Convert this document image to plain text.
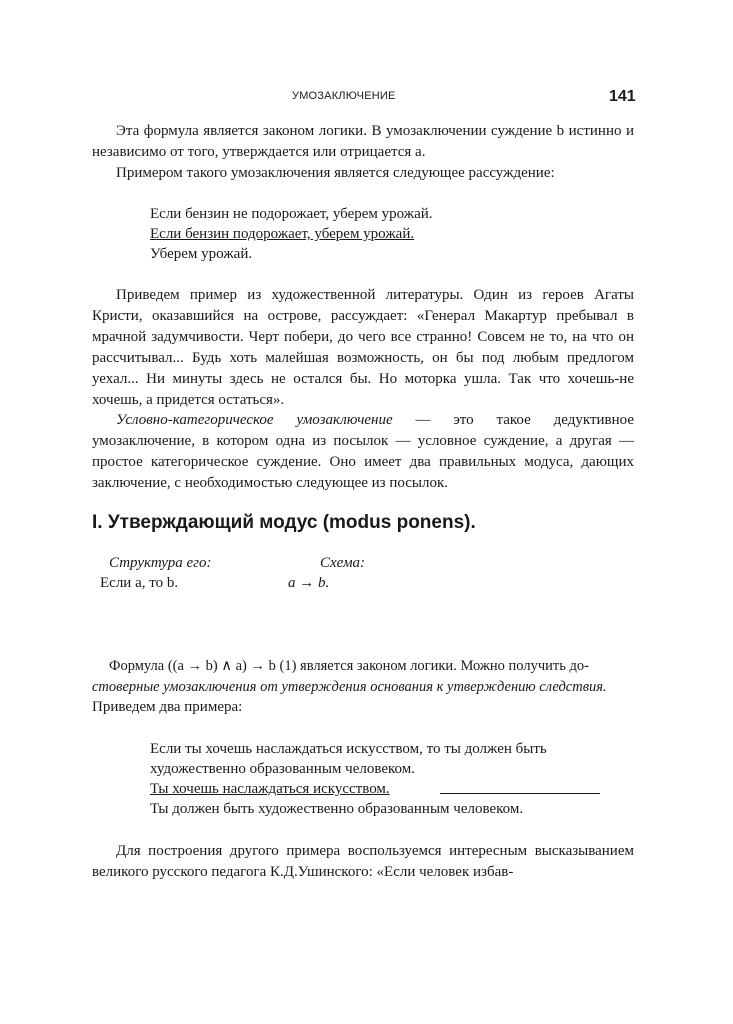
УМОЗАКЛЮЧЕНИЕ	141

Эта формула является законом логики. В умозаключении суждение b истинно и независимо от того, утверждается или отрицается a.

Примером такого умозаключения является следующее рассуждение:

Если бензин не подорожает, уберем урожай.

Если бензин подорожает, уберем урожай.

Уберем урожай.

Приведем пример из художественной литературы. Один из героев Агаты Кристи, оказавшийся на острове, рассуждает: «Генерал Макартур пребывал в мрачной задумчивости. Черт побери, до чего все странно! Совсем не то, на что он рассчитывал... Будь хоть малейшая возможность, он бы под любым предлогом уехал... Ни минуты здесь не остался бы. Но моторка ушла. Так что хочешь-не хочешь, а придется остаться».

Условно-категорическое умозаключение — это такое дедуктивное умозаключение, в котором одна из посылок — условное суждение, а другая — простое категорическое суждение. Оно имеет два правильных модуса, дающих заключение, с необходимостью следующее из посылок.

I. Утверждающий модус (modus ponens).

Структура его:	Схема:

Если a, то b.	a → b.

Формула ((a → b) ∧ a) → b (1) является законом логики. Можно получить до-

стоверные умозаключения от утверждения основания к утверждению следствия.

Приведем два примера:

Если ты хочешь наслаждаться искусством, то ты должен быть

художественно образованным человеком.

Ты хочешь наслаждаться искусством.

Ты должен быть художественно образованным человеком.

Для построения другого примера воспользуемся интересным высказыванием великого русского педагога К.Д.Ушинского: «Если человек избав-
